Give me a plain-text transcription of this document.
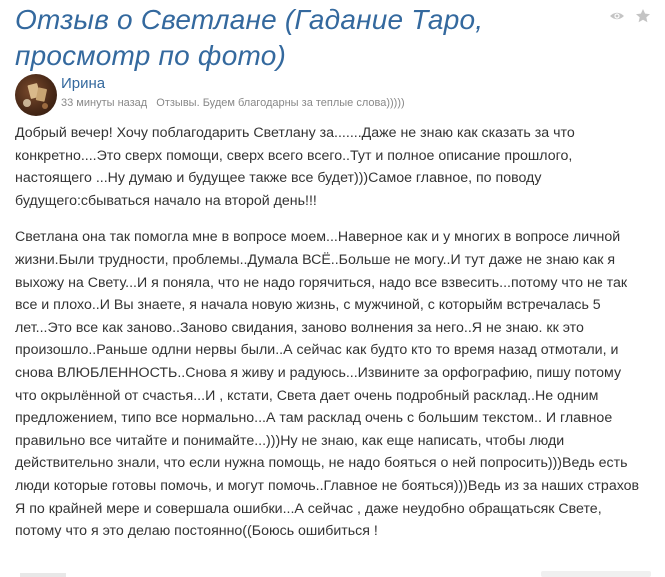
Отзыв о Светлане (Гадание Таро, просмотр по фото)
Ирина
33 минуты назад Отзывы. Будем благодарны за теплые слова)))))

Добрый вечер! Хочу поблагодарить Светлану за.......Даже не знаю как сказать за что конкретно....Это сверх помощи, сверх всего всего..Тут и полное описание прошлого, настоящего ...Ну думаю и будущее также все будет)))Самое главное, по поводу будущего:сбываться начало на второй день!!!

Светлана она так помогла мне в вопросе моем...Наверное как и у многих в вопросе личной жизни.Были трудности, проблемы..Думала ВСЁ..Больше не могу..И тут даже не знаю как я выхожу на Свету...И я поняла, что не надо горячиться, надо все взвесить...потому что не так все и плохо..И Вы знаете, я начала новую жизнь, с мужчиной, с которыйм встречалась 5 лет...Это все как заново..Заново свидания, заново волнения за него..Я не знаю. кк это произошло..Раньше одлни нервы были..А сейчас как будто кто то время назад отмотали, и снова ВЛЮБЛЕННОСТЬ..Снова я живу и радуюсь...Извините за орфографию, пишу потому что окрылённой от счастья...И , кстати, Света дает очень подробный расклад..Не одним предложением, типо все нормально...А там расклад очень с большим текстом.. И главное правильно все читайте и понимайте...)))Ну не знаю, как еще написать, чтобы люди действительно знали, что если нужна помощь, не надо бояться о ней попросить)))Ведь есть люди которые готовы помочь, и могут помочь..Главное не бояться)))Ведь из за наших страхов Я по крайней мере и совершала ошибки...А сейчас , даже неудобно обращатьсяк Свете, потому что я это делаю постоянно((Боюсь ошибиться !
